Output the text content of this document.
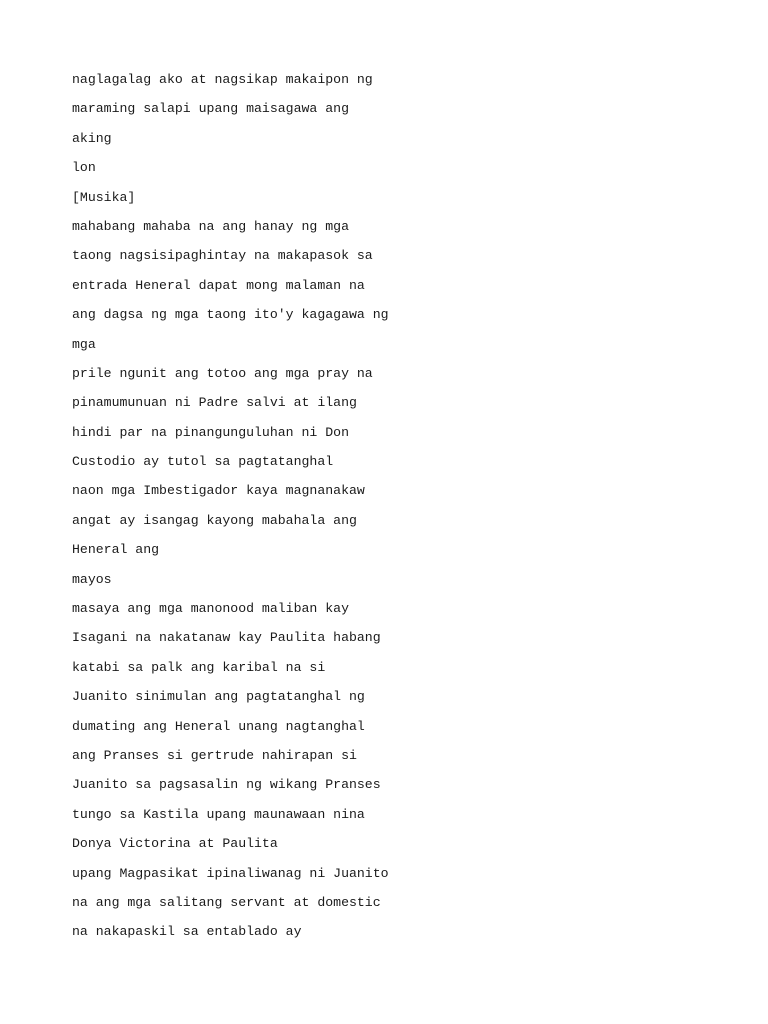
naglagalag ako at nagsikap makaipon ng
maraming salapi upang maisagawa ang
aking
lon
[Musika]
mahabang mahaba na ang hanay ng mga
taong nagsisipaghintay na makapasok sa
entrada Heneral dapat mong malaman na
ang dagsa ng mga taong ito'y kagagawa ng
mga
prile ngunit ang totoo ang mga pray na
pinamumunuan ni Padre salvi at ilang
hindi par na pinangunguluhan ni Don
Custodio ay tutol sa pagtatanghal
naon mga Imbestigador kaya magnanakaw
angat ay isangag kayong mabahala ang
Heneral ang
mayos
masaya ang mga manonood maliban kay
Isagani na nakatanaw kay Paulita habang
katabi sa palk ang karibal na si
Juanito sinimulan ang pagtatanghal ng
dumating ang Heneral unang nagtanghal
ang Pranses si gertrude nahirapan si
Juanito sa pagsasalin ng wikang Pranses
tungo sa Kastila upang maunawaan nina
Donya Victorina at Paulita
upang Magpasikat ipinaliwanag ni Juanito
na ang mga salitang servant at domestic
na nakapaskil sa entablado ay
